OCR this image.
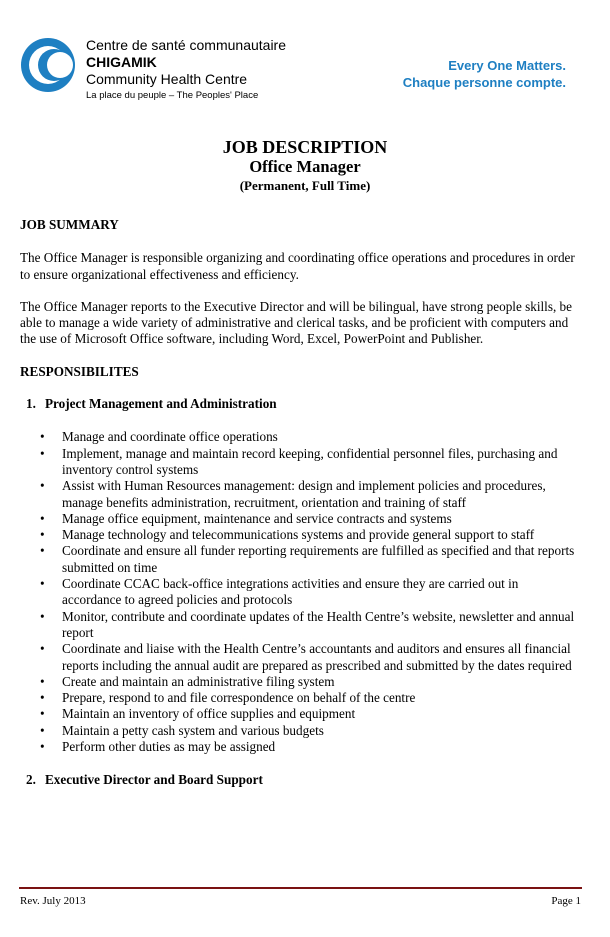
Centre de santé communautaire
CHIGAMIK
Community Health Centre
La place du peuple – The Peoples' Place
Every One Matters.
Chaque personne compte.
JOB DESCRIPTION
Office Manager
(Permanent, Full Time)

JOB SUMMARY

The Office Manager is responsible organizing and coordinating office operations and procedures in order to ensure organizational effectiveness and efficiency.

The Office Manager reports to the Executive Director and will be bilingual, have strong people skills, be able to manage a wide variety of administrative and clerical tasks, and be proficient with computers and the use of Microsoft Office software, including Word, Excel, PowerPoint and Publisher.

RESPONSIBILITES

1. Project Management and Administration
• Manage and coordinate office operations
• Implement, manage and maintain record keeping, confidential personnel files, purchasing and inventory control systems
• Assist with Human Resources management: design and implement policies and procedures, manage benefits administration, recruitment, orientation and training of staff
• Manage office equipment, maintenance and service contracts and systems
• Manage technology and telecommunications systems and provide general support to staff
• Coordinate and ensure all funder reporting requirements are fulfilled as specified and that reports submitted on time
• Coordinate CCAC back-office integrations activities and ensure they are carried out in accordance to agreed policies and protocols
• Monitor, contribute and coordinate updates of the Health Centre’s website, newsletter and annual report
• Coordinate and liaise with the Health Centre’s accountants and auditors and ensures all financial reports including the annual audit are prepared as prescribed and submitted by the dates required
• Create and maintain an administrative filing system
• Prepare, respond to and file correspondence on behalf of the centre
• Maintain an inventory of office supplies and equipment
• Maintain a petty cash system and various budgets
• Perform other duties as may be assigned
2. Executive Director and Board Support
Rev. July 2013	Page 1
